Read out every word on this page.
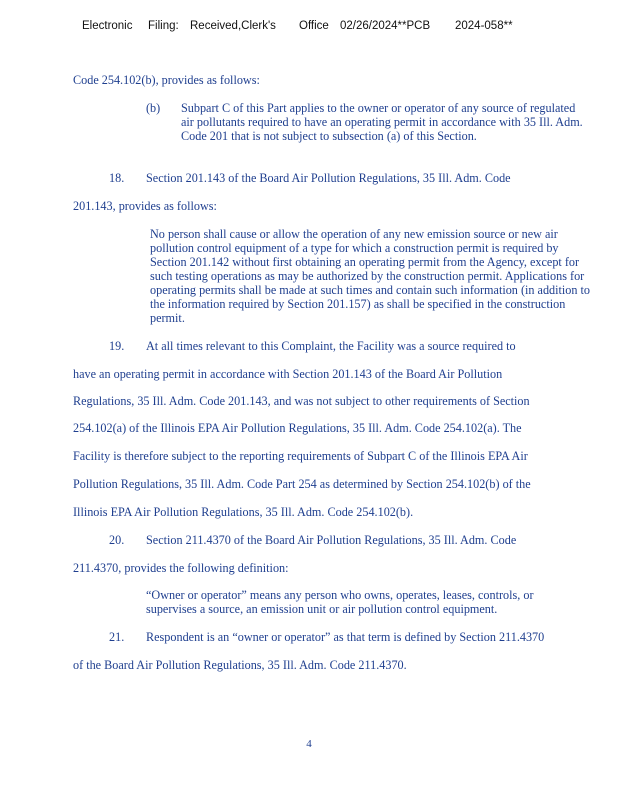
Electronic Filing: Received,Clerk's Office 02/26/2024**PCB 2024-058**
Code 254.102(b), provides as follows:
(b) Subpart C of this Part applies to the owner or operator of any source of regulated air pollutants required to have an operating permit in accordance with 35 Ill. Adm. Code 201 that is not subject to subsection (a) of this Section.
18. Section 201.143 of the Board Air Pollution Regulations, 35 Ill. Adm. Code
201.143, provides as follows:
No person shall cause or allow the operation of any new emission source or new air pollution control equipment of a type for which a construction permit is required by Section 201.142 without first obtaining an operating permit from the Agency, except for such testing operations as may be authorized by the construction permit. Applications for operating permits shall be made at such times and contain such information (in addition to the information required by Section 201.157) as shall be specified in the construction permit.
19. At all times relevant to this Complaint, the Facility was a source required to
have an operating permit in accordance with Section 201.143 of the Board Air Pollution
Regulations, 35 Ill. Adm. Code 201.143, and was not subject to other requirements of Section
254.102(a) of the Illinois EPA Air Pollution Regulations, 35 Ill. Adm. Code 254.102(a). The
Facility is therefore subject to the reporting requirements of Subpart C of the Illinois EPA Air
Pollution Regulations, 35 Ill. Adm. Code Part 254 as determined by Section 254.102(b) of the
Illinois EPA Air Pollution Regulations, 35 Ill. Adm. Code 254.102(b).
20. Section 211.4370 of the Board Air Pollution Regulations, 35 Ill. Adm. Code
211.4370, provides the following definition:
“Owner or operator” means any person who owns, operates, leases, controls, or supervises a source, an emission unit or air pollution control equipment.
21. Respondent is an “owner or operator” as that term is defined by Section 211.4370
of the Board Air Pollution Regulations, 35 Ill. Adm. Code 211.4370.
4
